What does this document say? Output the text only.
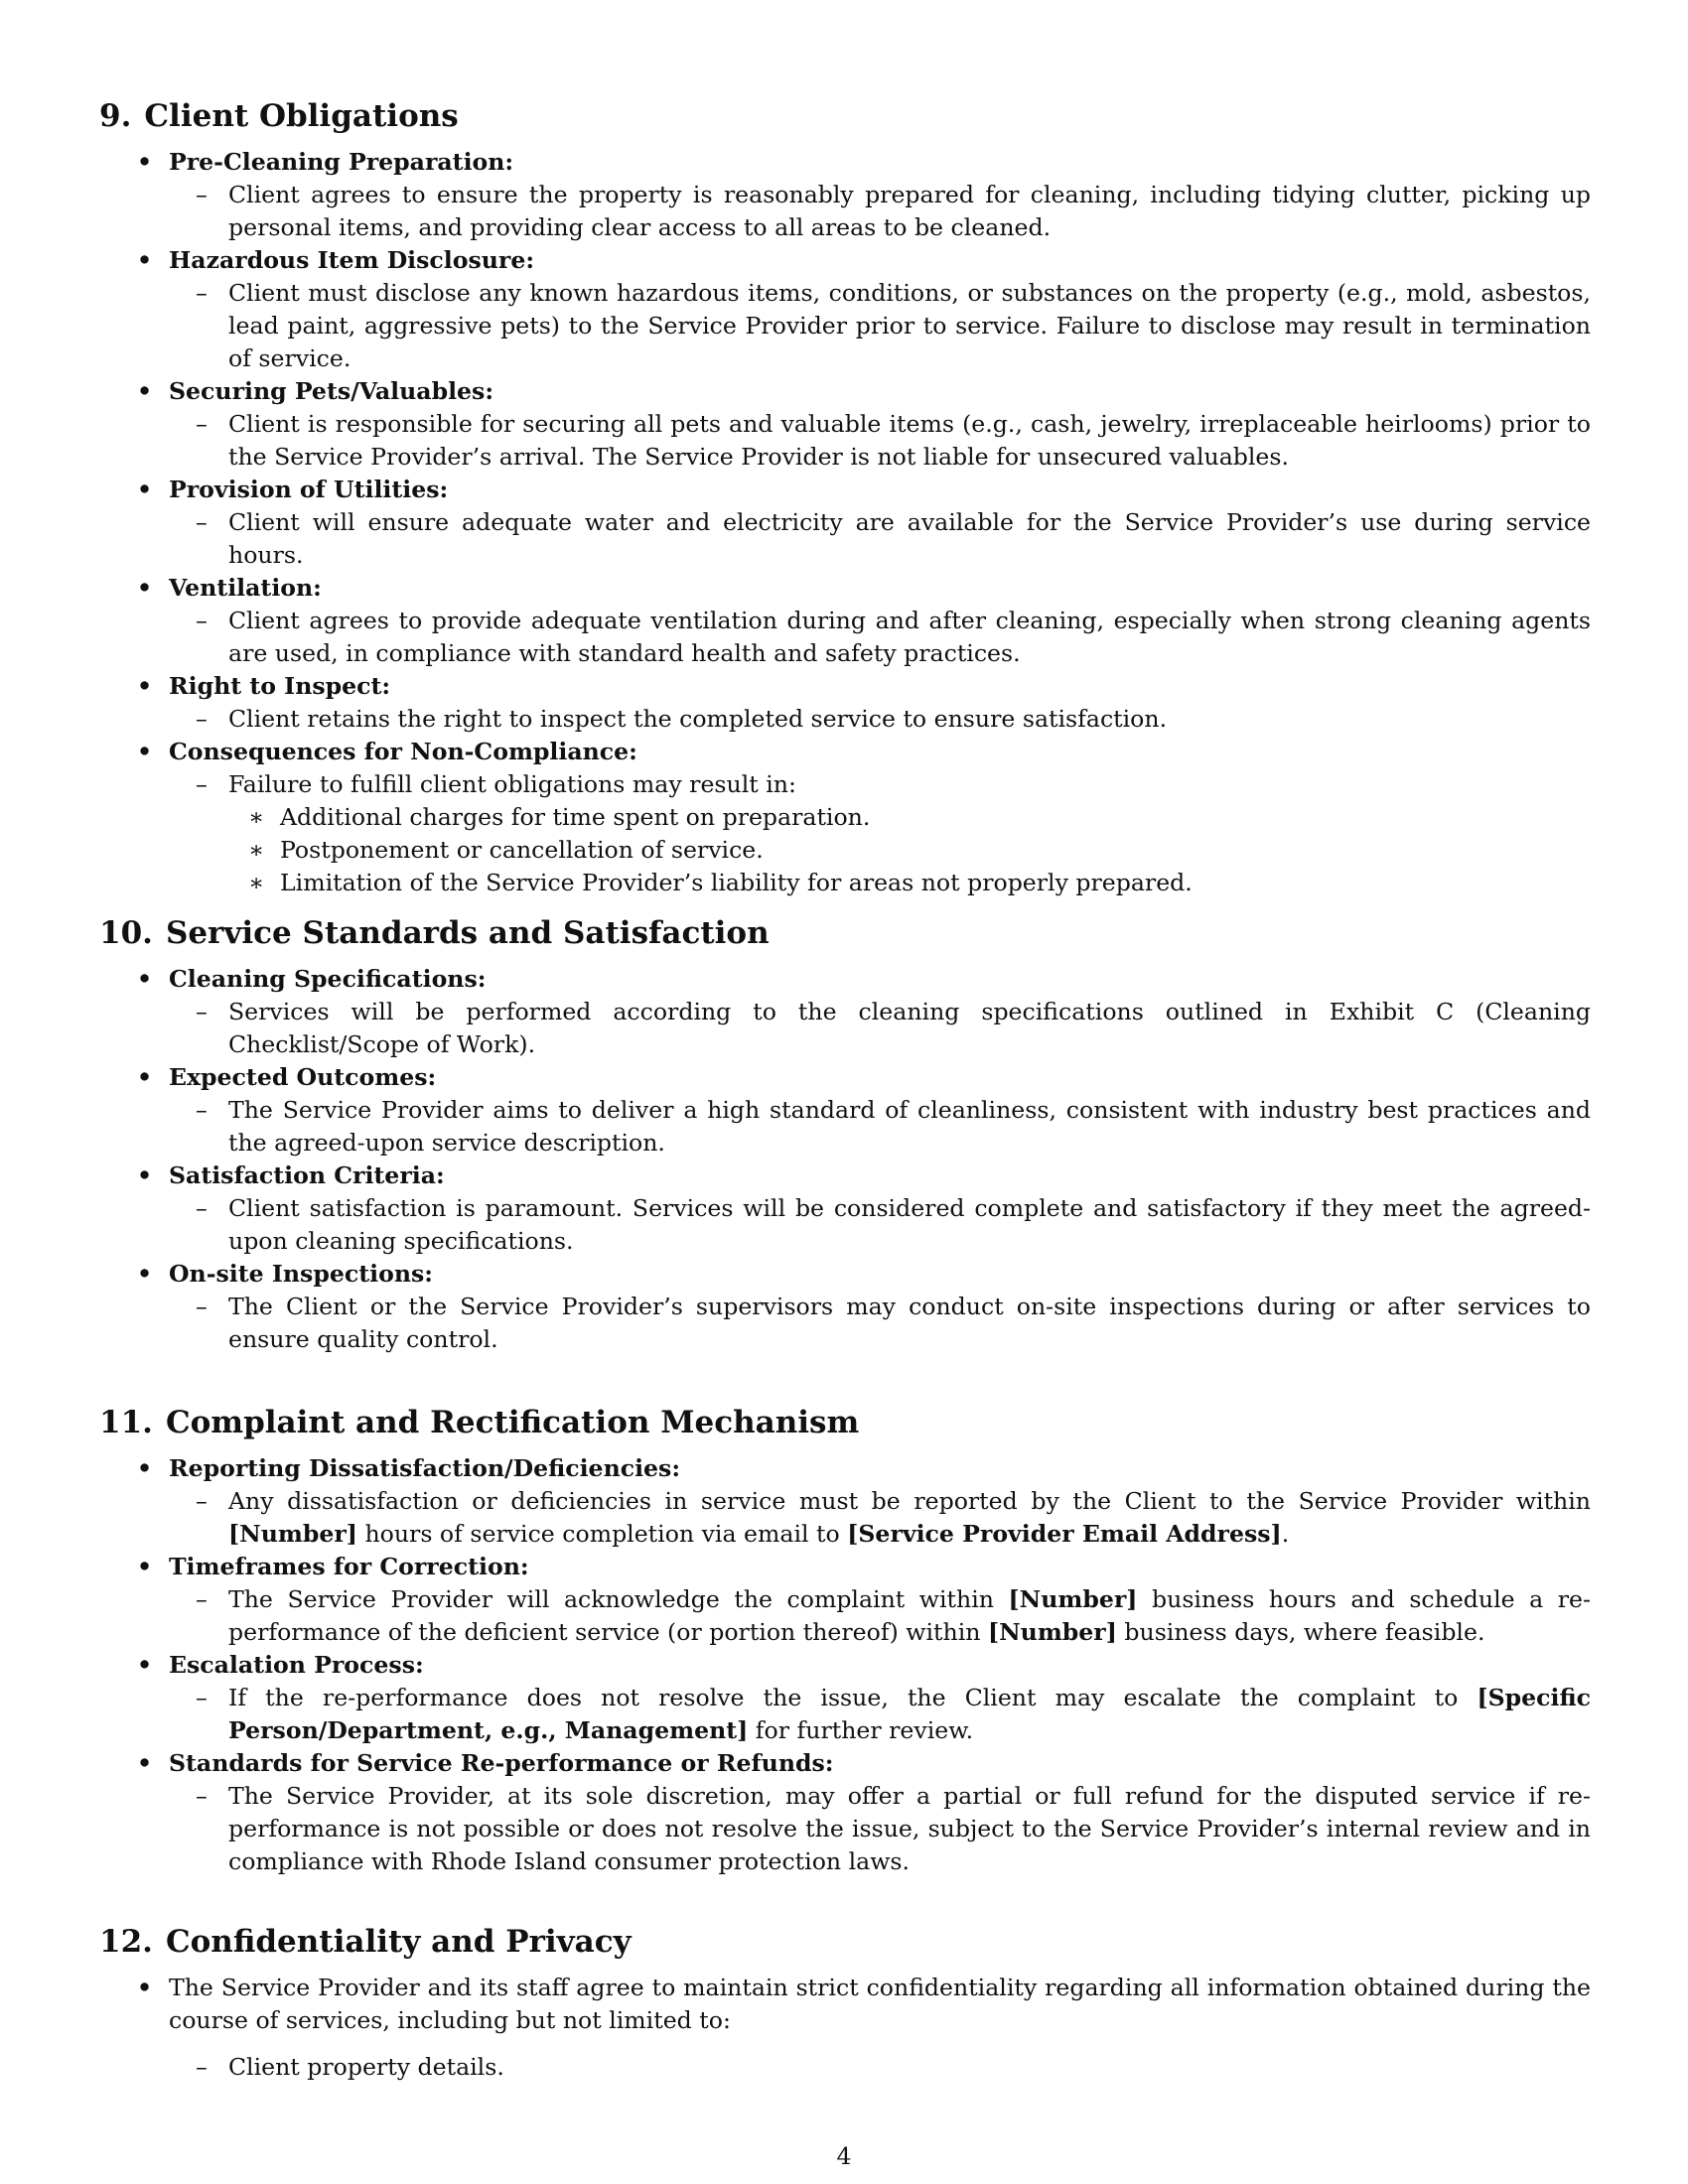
9. Client Obligations
• Pre-Cleaning Preparation:
– Client agrees to ensure the property is reasonably prepared for cleaning, including tidying clutter, picking up personal items, and providing clear access to all areas to be cleaned.
• Hazardous Item Disclosure:
– Client must disclose any known hazardous items, conditions, or substances on the property (e.g., mold, asbestos, lead paint, aggressive pets) to the Service Provider prior to service. Failure to disclose may result in termination of service.
• Securing Pets/Valuables:
– Client is responsible for securing all pets and valuable items (e.g., cash, jewelry, irreplaceable heirlooms) prior to the Service Provider’s arrival. The Service Provider is not liable for unsecured valuables.
• Provision of Utilities:
– Client will ensure adequate water and electricity are available for the Service Provider’s use during service hours.
• Ventilation:
– Client agrees to provide adequate ventilation during and after cleaning, especially when strong cleaning agents are used, in compliance with standard health and safety practices.
• Right to Inspect:
– Client retains the right to inspect the completed service to ensure satisfaction.
• Consequences for Non-Compliance:
– Failure to fulfill client obligations may result in:
∗ Additional charges for time spent on preparation.
∗ Postponement or cancellation of service.
∗ Limitation of the Service Provider’s liability for areas not properly prepared.
10. Service Standards and Satisfaction
• Cleaning Specifications:
– Services will be performed according to the cleaning specifications outlined in Exhibit C (Cleaning Checklist/Scope of Work).
• Expected Outcomes:
– The Service Provider aims to deliver a high standard of cleanliness, consistent with industry best practices and the agreed-upon service description.
• Satisfaction Criteria:
– Client satisfaction is paramount. Services will be considered complete and satisfactory if they meet the agreed-upon cleaning specifications.
• On-site Inspections:
– The Client or the Service Provider’s supervisors may conduct on-site inspections during or after services to ensure quality control.
11. Complaint and Rectification Mechanism
• Reporting Dissatisfaction/Deficiencies:
– Any dissatisfaction or deficiencies in service must be reported by the Client to the Service Provider within [Number] hours of service completion via email to [Service Provider Email Address].
• Timeframes for Correction:
– The Service Provider will acknowledge the complaint within [Number] business hours and schedule a re-performance of the deficient service (or portion thereof) within [Number] business days, where feasible.
• Escalation Process:
– If the re-performance does not resolve the issue, the Client may escalate the complaint to [Specific Person/Department, e.g., Management] for further review.
• Standards for Service Re-performance or Refunds:
– The Service Provider, at its sole discretion, may offer a partial or full refund for the disputed service if re-performance is not possible or does not resolve the issue, subject to the Service Provider’s internal review and in compliance with Rhode Island consumer protection laws.
12. Confidentiality and Privacy
• The Service Provider and its staff agree to maintain strict confidentiality regarding all information obtained during the course of services, including but not limited to:
– Client property details.
4
